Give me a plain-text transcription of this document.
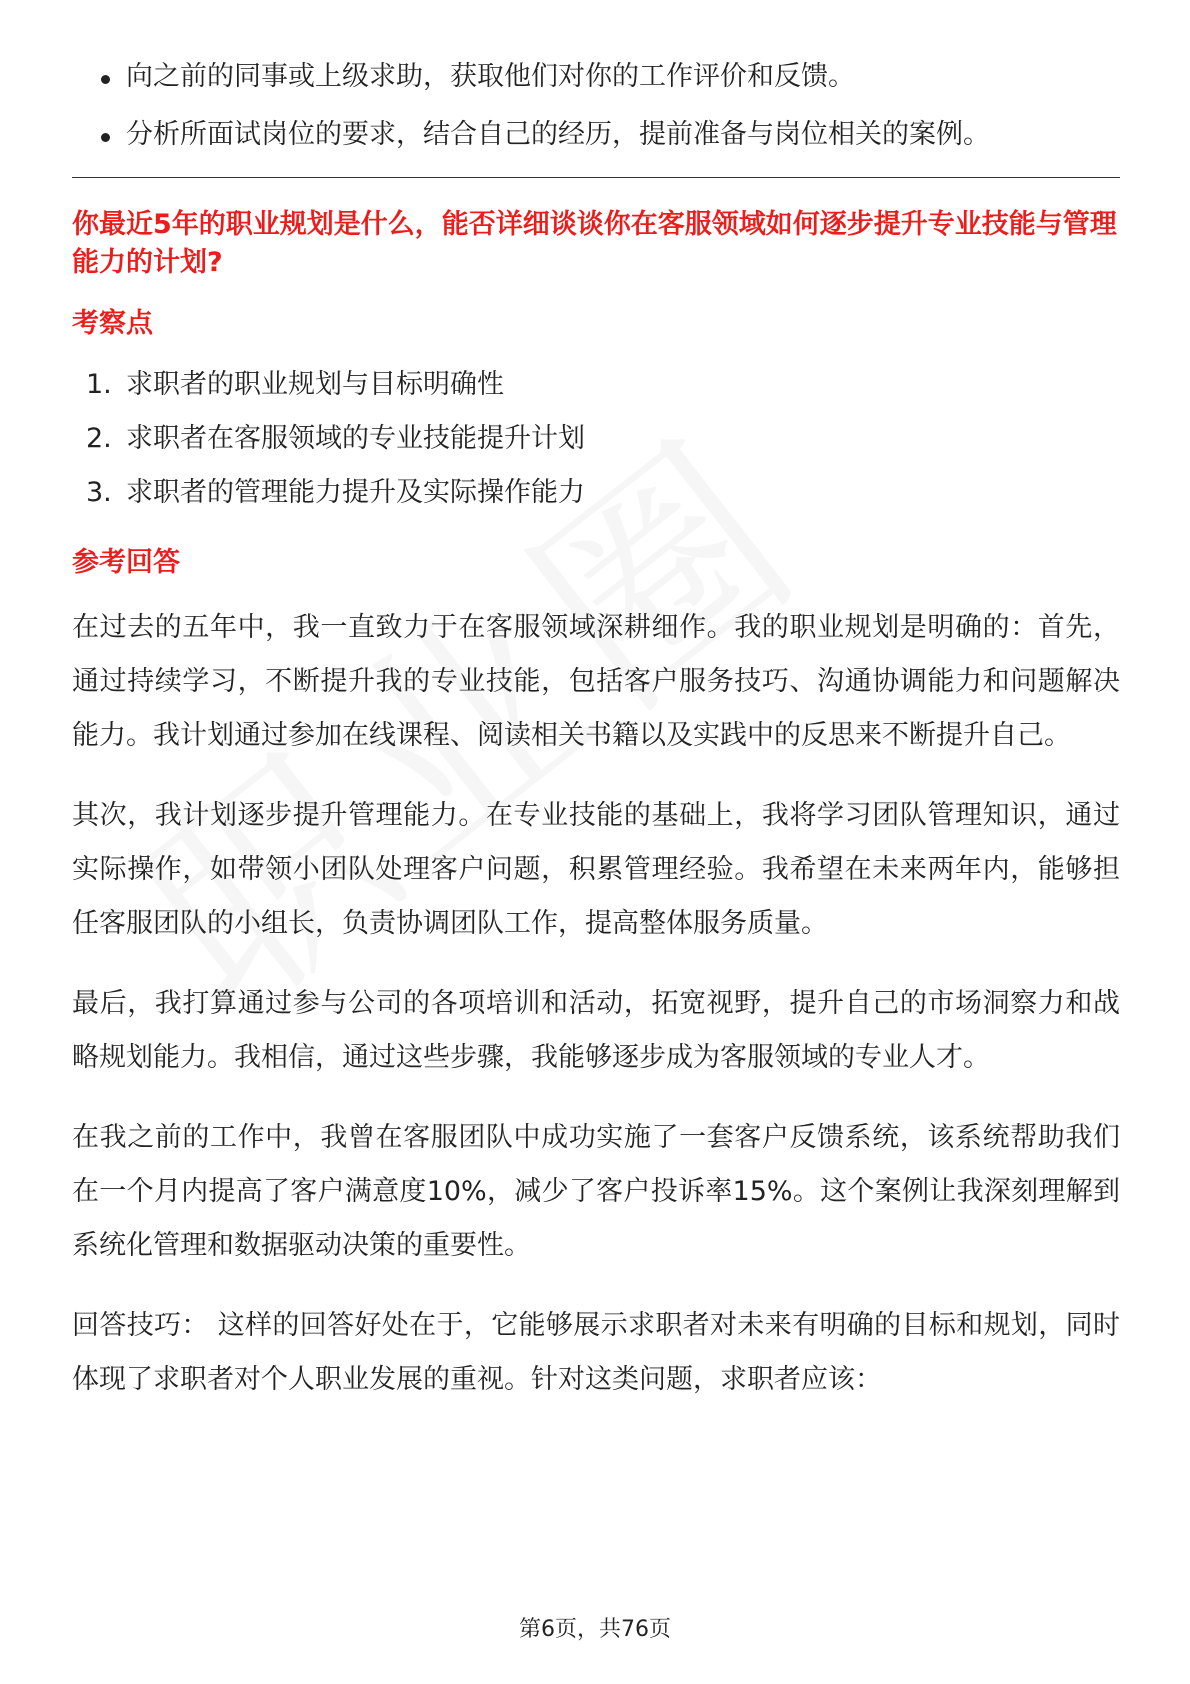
向之前的同事或上级求助，获取他们对你的工作评价和反馈。
分析所面试岗位的要求，结合自己的经历，提前准备与岗位相关的案例。

你最近5年的职业规划是什么，能否详细谈谈你在客服领域如何逐步提升专业技能与管理能力的计划?

考察点

1. 求职者的职业规划与目标明确性
2. 求职者在客服领域的专业技能提升计划
3. 求职者的管理能力提升及实际操作能力

参考回答

在过去的五年中，我一直致力于在客服领域深耕细作。我的职业规划是明确的：首先，通过持续学习，不断提升我的专业技能，包括客户服务技巧、沟通协调能力和问题解决能力。我计划通过参加在线课程、阅读相关书籍以及实践中的反思来不断提升自己。

其次，我计划逐步提升管理能力。在专业技能的基础上，我将学习团队管理知识，通过实际操作，如带领小团队处理客户问题，积累管理经验。我希望在未来两年内，能够担任客服团队的小组长，负责协调团队工作，提高整体服务质量。

最后，我打算通过参与公司的各项培训和活动，拓宽视野，提升自己的市场洞察力和战略规划能力。我相信，通过这些步骤，我能够逐步成为客服领域的专业人才。

在我之前的工作中，我曾在客服团队中成功实施了一套客户反馈系统，该系统帮助我们在一个月内提高了客户满意度10%，减少了客户投诉率15%。这个案例让我深刻理解到系统化管理和数据驱动决策的重要性。

回答技巧： 这样的回答好处在于，它能够展示求职者对未来有明确的目标和规划，同时体现了求职者对个人职业发展的重视。针对这类问题，求职者应该：

第6页，共76页
